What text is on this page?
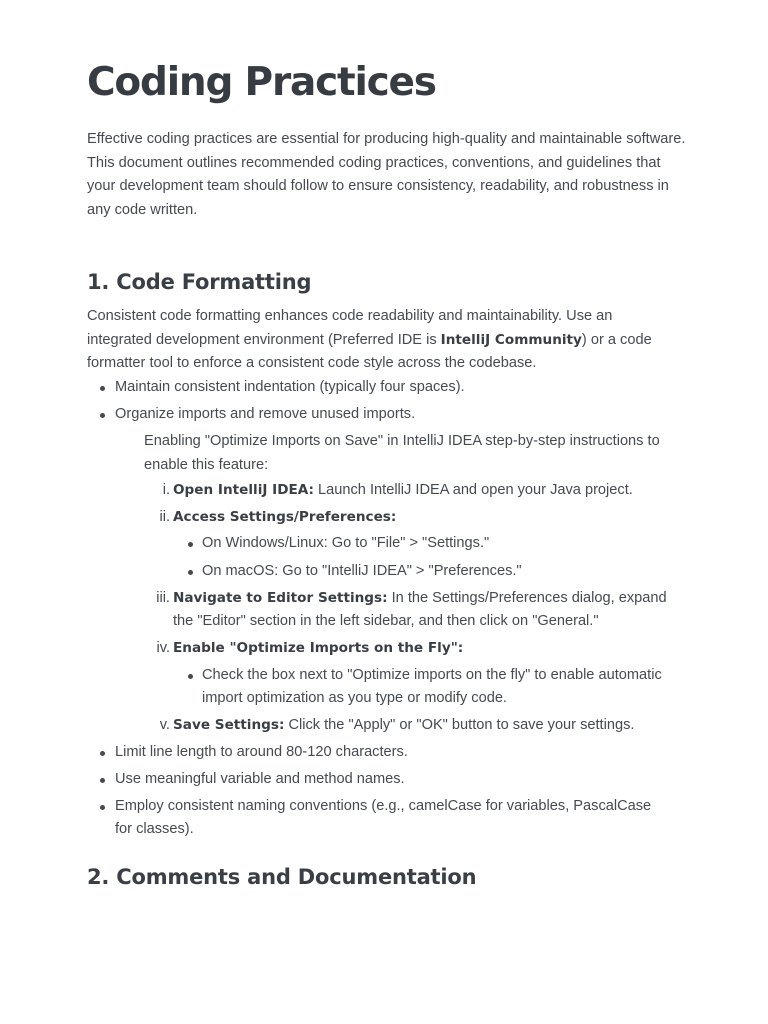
Coding Practices

Effective coding practices are essential for producing high-quality and maintainable software. This document outlines recommended coding practices, conventions, and guidelines that your development team should follow to ensure consistency, readability, and robustness in any code written.

1. Code Formatting
Consistent code formatting enhances code readability and maintainability. Use an
integrated development environment (Preferred IDE is IntelliJ Community) or a code
formatter tool to enforce a consistent code style across the codebase.
Maintain consistent indentation (typically four spaces).
Organize imports and remove unused imports.
Enabling "Optimize Imports on Save" in IntelliJ IDEA step-by-step instructions to
enable this feature:
i. Open IntelliJ IDEA: Launch IntelliJ IDEA and open your Java project.
ii. Access Settings/Preferences:
On Windows/Linux: Go to "File" > "Settings."
On macOS: Go to "IntelliJ IDEA" > "Preferences."
iii. Navigate to Editor Settings: In the Settings/Preferences dialog, expand
the "Editor" section in the left sidebar, and then click on "General."
iv. Enable "Optimize Imports on the Fly":
Check the box next to "Optimize imports on the fly" to enable automatic
import optimization as you type or modify code.
v. Save Settings: Click the "Apply" or "OK" button to save your settings.
Limit line length to around 80-120 characters.
Use meaningful variable and method names.
Employ consistent naming conventions (e.g., camelCase for variables, PascalCase
for classes).
2. Comments and Documentation
